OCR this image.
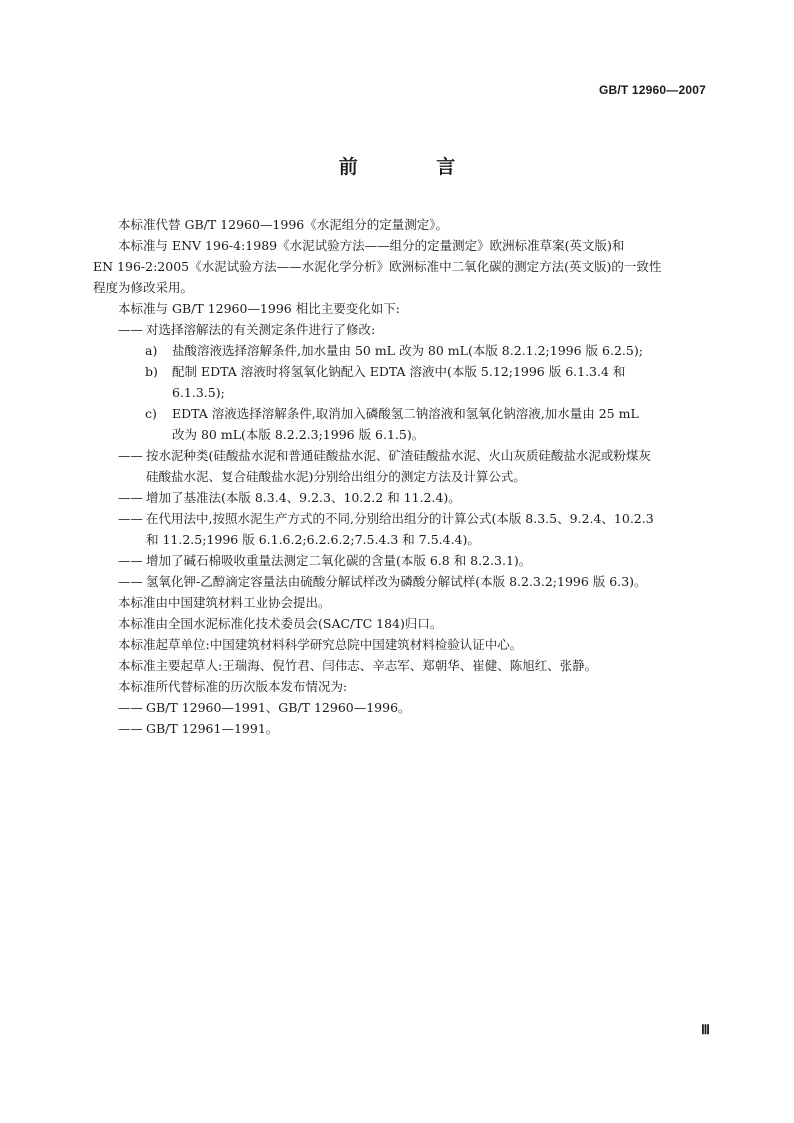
GB/T 12960—2007
前 言

本标准代替 GB/T 12960—1996《水泥组分的定量测定》。

本标准与 ENV 196-4:1989《水泥试验方法——组分的定量测定》欧洲标准草案(英文版)和

EN 196-2:2005《水泥试验方法——水泥化学分析》欧洲标准中二氧化碳的测定方法(英文版)的一致性

程度为修改采用。

本标准与 GB/T 12960—1996 相比主要变化如下:

—— 对选择溶解法的有关测定条件进行了修改:
a) 盐酸溶液选择溶解条件,加水量由 50 mL 改为 80 mL(本版 8.2.1.2;1996 版 6.2.5);
b) 配制 EDTA 溶液时将氢氧化钠配入 EDTA 溶液中(本版 5.12;1996 版 6.1.3.4 和
6.1.3.5);
c) EDTA 溶液选择溶解条件,取消加入磷酸氢二钠溶液和氢氧化钠溶液,加水量由 25 mL
改为 80 mL(本版 8.2.2.3;1996 版 6.1.5)。
—— 按水泥种类(硅酸盐水泥和普通硅酸盐水泥、矿渣硅酸盐水泥、火山灰质硅酸盐水泥或粉煤灰
硅酸盐水泥、复合硅酸盐水泥)分别给出组分的测定方法及计算公式。
—— 增加了基准法(本版 8.3.4、9.2.3、10.2.2 和 11.2.4)。
—— 在代用法中,按照水泥生产方式的不同,分别给出组分的计算公式(本版 8.3.5、9.2.4、10.2.3
和 11.2.5;1996 版 6.1.6.2;6.2.6.2;7.5.4.3 和 7.5.4.4)。
—— 增加了碱石棉吸收重量法测定二氧化碳的含量(本版 6.8 和 8.2.3.1)。
—— 氢氧化钾-乙醇滴定容量法由硫酸分解试样改为磷酸分解试样(本版 8.2.3.2;1996 版 6.3)。

本标准由中国建筑材料工业协会提出。

本标准由全国水泥标准化技术委员会(SAC/TC 184)归口。

本标准起草单位:中国建筑材料科学研究总院中国建筑材料检验认证中心。

本标准主要起草人:王瑞海、倪竹君、闫伟志、辛志军、郑朝华、崔健、陈旭红、张静。

本标准所代替标准的历次版本发布情况为:

—— GB/T 12960—1991、GB/T 12960—1996。
—— GB/T 12961—1991。
Ⅲ
